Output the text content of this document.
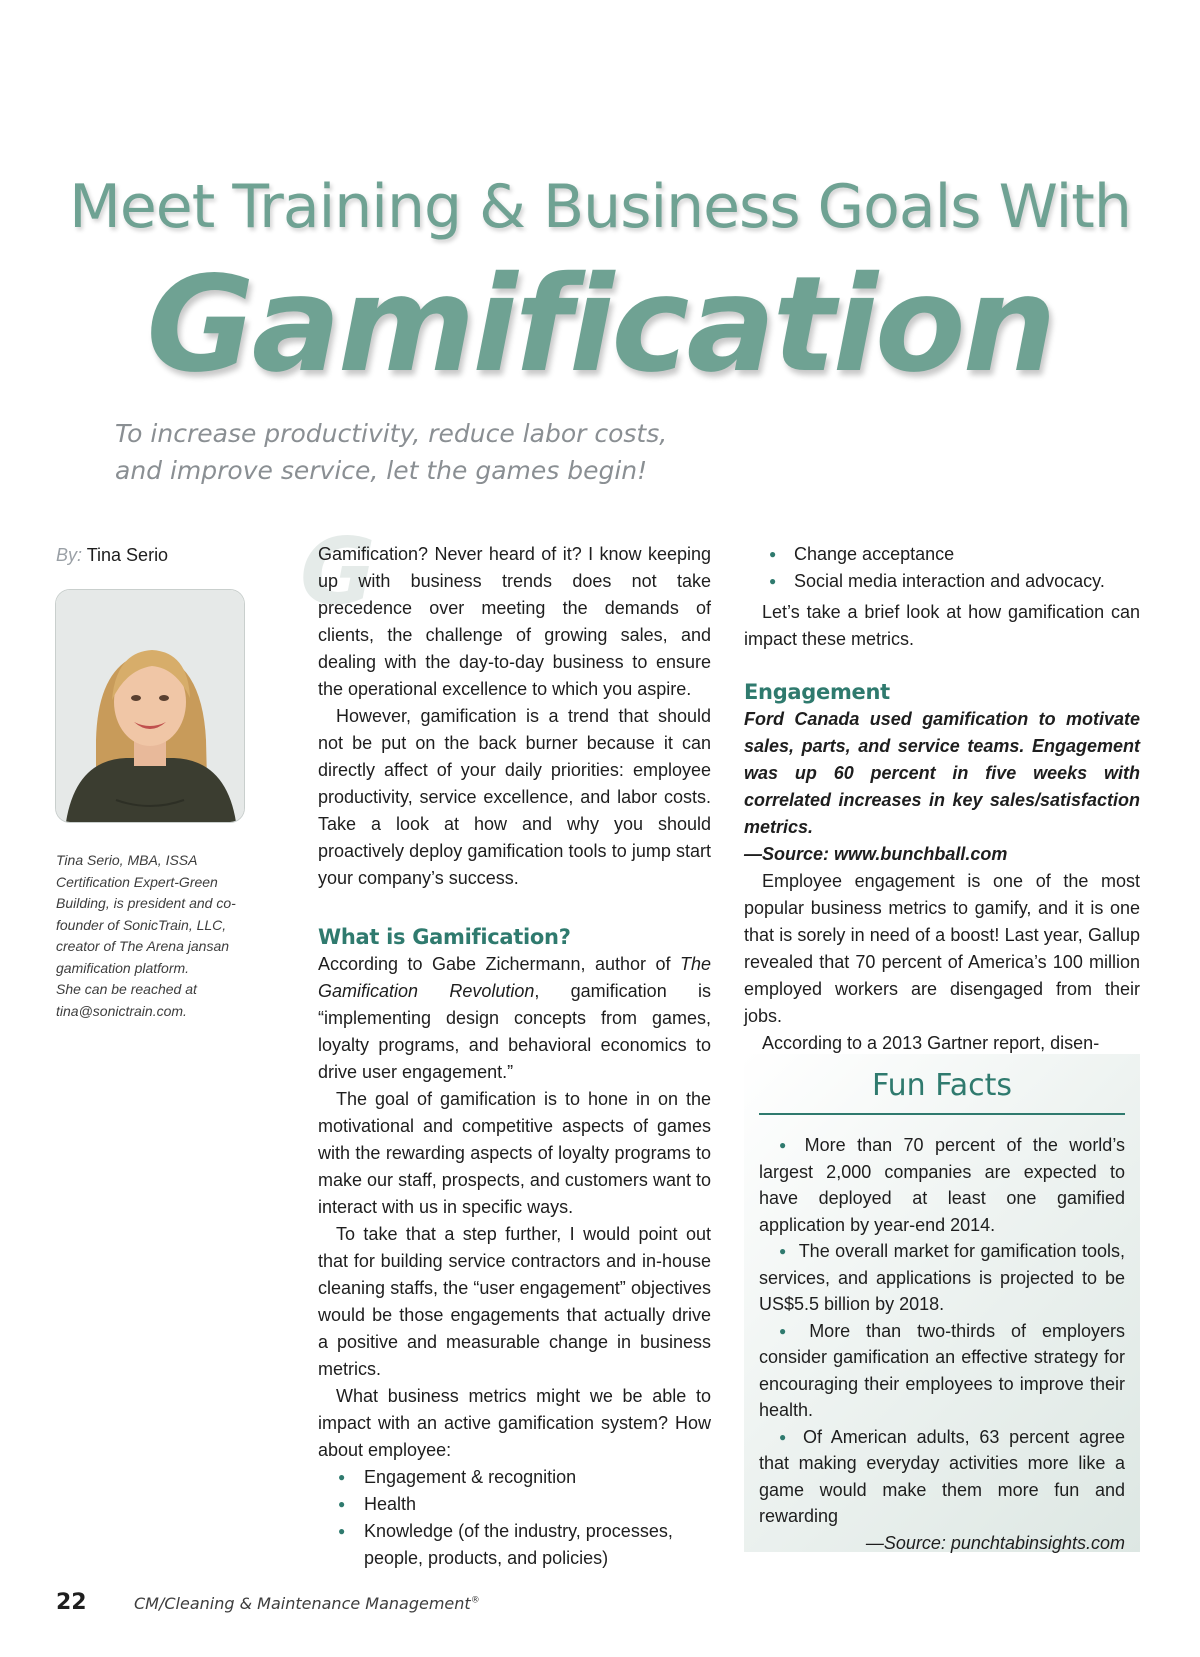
Meet Training & Business Goals With
Gamification
To increase productivity, reduce labor costs,
and improve service, let the games begin!
By: Tina Serio
Tina Serio, MBA, ISSA
Certification Expert-Green
Building, is president and co-
founder of SonicTrain, LLC,
creator of The Arena jansan
gamification platform.
She can be reached at
tina@sonictrain.com.
G

Gamification? Never heard of it? I know keeping up with business trends does not take precedence over meeting the demands of clients, the challenge of growing sales, and dealing with the day-to-day business to ensure the operational excellence to which you aspire.

However, gamification is a trend that should not be put on the back burner because it can directly affect of your daily priorities: employee productivity, service excellence, and labor costs. Take a look at how and why you should proactively deploy gamification tools to jump start your company’s success.

What is Gamification?

According to Gabe Zichermann, author of The Gamification Revolution, gamification is “implementing design concepts from games, loyalty programs, and behavioral economics to drive user engagement.”

The goal of gamification is to hone in on the motivational and competitive aspects of games with the rewarding aspects of loyalty programs to make our staff, prospects, and customers want to interact with us in specific ways.

To take that a step further, I would point out that for building service contractors and in-house cleaning staffs, the “user engagement” objectives would be those engagements that actually drive a positive and measurable change in business metrics.

What business metrics might we be able to impact with an active gamification system? How about employee:

● Engagement & recognition
● Health
● Knowledge (of the industry, processes, people, products, and policies)
● Change acceptance
● Social media interaction and advocacy.

Let’s take a brief look at how gamification can impact these metrics.

Engagement

Ford Canada used gamification to motivate sales, parts, and service teams. Engagement was up 60 percent in five weeks with correlated increases in key sales/satisfaction metrics.

—Source: www.bunchball.com

Employee engagement is one of the most popular business metrics to gamify, and it is one that is sorely in need of a boost! Last year, Gallup revealed that 70 percent of America’s 100 million employed workers are disengaged from their jobs.

According to a 2013 Gartner report, disen-

Fun Facts
● More than 70 percent of the world’s largest 2,000 companies are expected to have deployed at least one gamified application by year-end 2014.
● The overall market for gamification tools, services, and applications is projected to be US$5.5 billion by 2018.
● More than two-thirds of employers consider gamification an effective strategy for encouraging their employees to improve their health.
● Of American adults, 63 percent agree that making everyday activities more like a game would make them more fun and rewarding
—Source: punchtabinsights.com
22	CM/Cleaning & Maintenance Management®
